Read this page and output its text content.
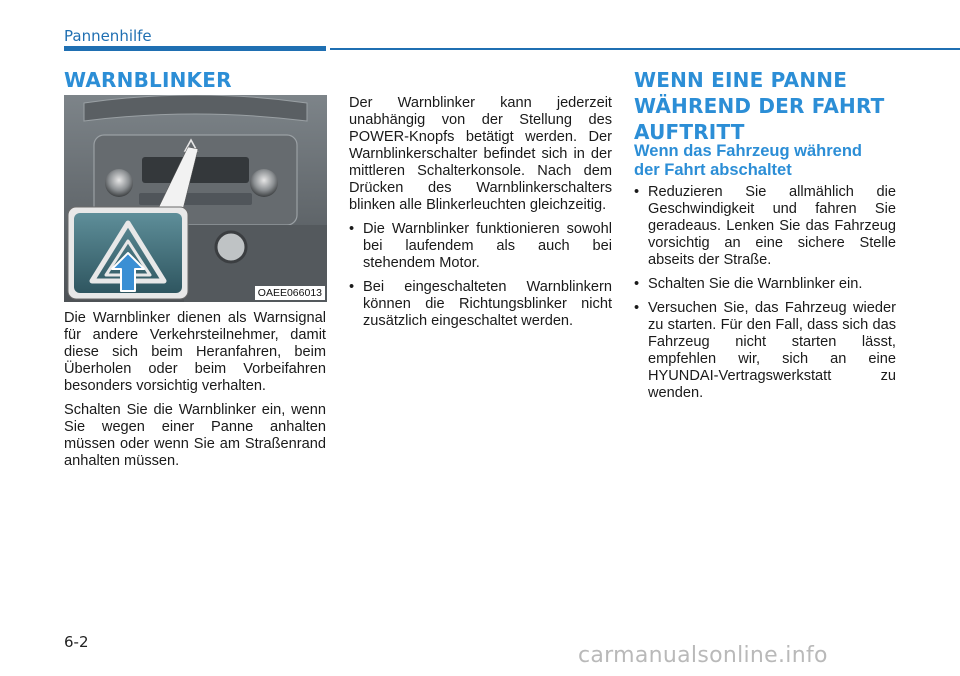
Pannenhilfe
WARNBLINKER
OAEE066013

Die Warnblinker dienen als Warnsignal für andere Verkehrsteilnehmer, damit diese sich beim Heranfahren, beim Überholen oder beim Vorbeifahren besonders vorsichtig verhalten.

Schalten Sie die Warnblinker ein, wenn Sie wegen einer Panne anhalten müssen oder wenn Sie am Straßenrand anhalten müssen.

Der Warnblinker kann jederzeit unabhängig von der Stellung des POWER-Knopfs betätigt werden. Der Warnblinkerschalter befindet sich in der mittleren Schalterkonsole. Nach dem Drücken des Warnblinkerschalters blinken alle Blinkerleuchten gleichzeitig.

• Die Warnblinker funktionieren sowohl bei laufendem als auch bei stehendem Motor.
• Bei eingeschalteten Warnblinkern können die Richtungsblinker nicht zusätzlich eingeschaltet werden.
WENN EINE PANNE
WÄHREND DER FAHRT
AUFTRITT
Wenn das Fahrzeug während
der Fahrt abschaltet
• Reduzieren Sie allmählich die Geschwindigkeit und fahren Sie geradeaus. Lenken Sie das Fahrzeug vorsichtig an eine sichere Stelle abseits der Straße.
• Schalten Sie die Warnblinker ein.
• Versuchen Sie, das Fahrzeug wieder zu starten. Für den Fall, dass sich das Fahrzeug nicht starten lässt, empfehlen wir, sich an eine HYUNDAI-Vertragswerkstatt zu wenden.
6-2
carmanualsonline.info
